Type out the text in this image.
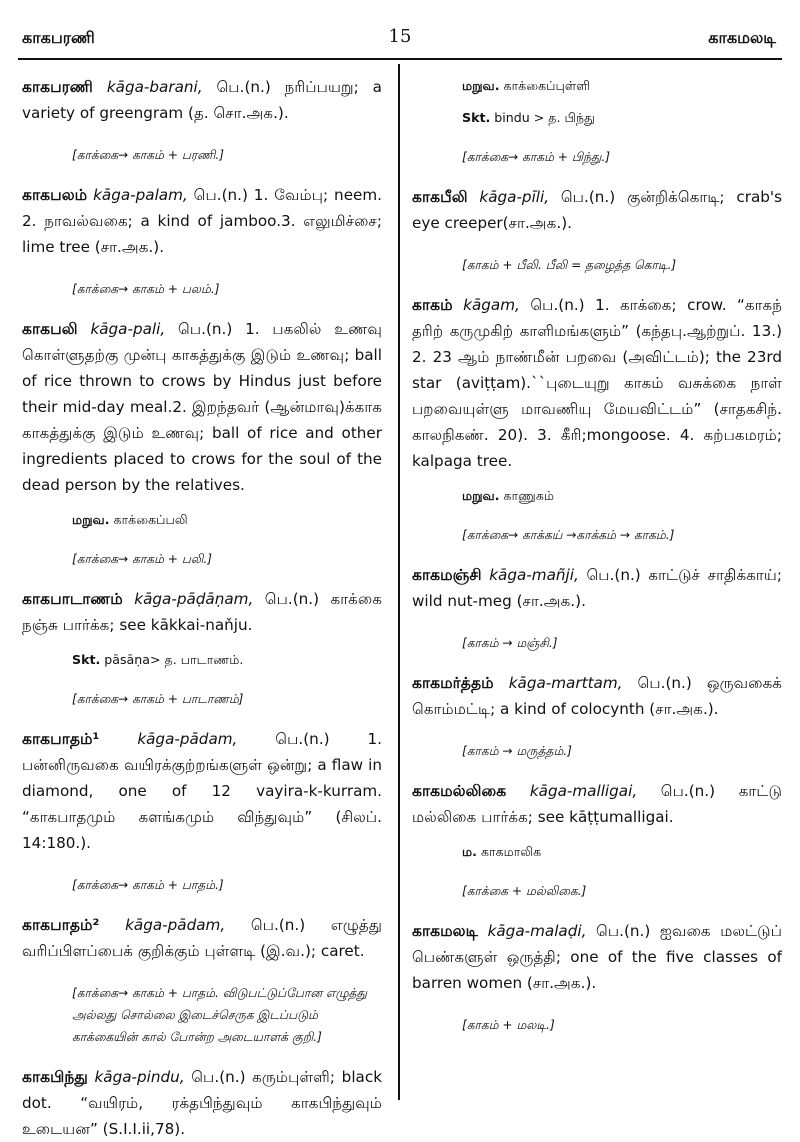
காகபரணி	15	காகமலடி
காகபரணி kāga-barani, பெ.(n.) நரிப்பயறு; a variety of greengram (த. சொ.அக.).
[காக்கை→ காகம் + பரணி.]
காகபலம் kāga-palam, பெ.(n.) 1. வேம்பு; neem. 2. நாவல்வகை; a kind of jamboo.3. எலுமிச்சை; lime tree (சா.அக.).
[காக்கை→ காகம் + பலம்.]
காகபலி kāga-pali, பெ.(n.) 1. பகலில் உணவு கொள்ளுதற்கு முன்பு காகத்துக்கு இடும் உணவு; ball of rice thrown to crows by Hindus just before their mid-day meal.2. இறந்தவர் (ஆன்மாவு)க்காக காகத்துக்கு இடும் உணவு; ball of rice and other ingredients placed to crows for the soul of the dead person by the relatives.
மறுவ. காக்கைப்பலி
[காக்கை→ காகம் + பலி.]
காகபாடாணம் kāga-pāḍāṇam, பெ.(n.) காக்கை நஞ்சு பார்க்க; see kākkai-naňju.
Skt. pāsāṇa> த. பாடாணம்.
[காக்கை→ காகம் + பாடாணம்]
காகபாதம்¹ kāga-pādam, பெ.(n.) 1. பன்னிருவகை வயிரக்குற்றங்களுள் ஒன்று; a flaw in diamond, one of 12 vayira-k-kurram. “காகபாதமும் களங்கமும் விந்துவும்” (சிலப். 14:180.).
[காக்கை→ காகம் + பாதம்.]
காகபாதம்² kāga-pādam, பெ.(n.) எழுத்து வரிப்பிளப்பைக் குறிக்கும் புள்ளடி (இ.வ.); caret.
[காக்கை→ காகம் + பாதம். விடுபட்டுப்போன எழுத்து அல்லது சொல்லை இடைச்செருக இடப்படும் காக்கையின் கால் போன்ற அடையாளக் குறி.]
காகபிந்து kāga-pindu, பெ.(n.) கரும்புள்ளி; black dot. “வயிரம், ரக்தபிந்துவும் காகபிந்துவும் உடையன” (S.I.I.ii,78).
மறுவ. காக்கைப்புள்ளி
Skt. bindu > த. பிந்து
[காக்கை→ காகம் + பிந்து.]
காகபீலி kāga-pīli, பெ.(n.) குன்றிக்கொடி; crab's eye creeper(சா.அக.).
[காகம் + பீலி. பீலி = தழைத்த கொடி.]
காகம் kāgam, பெ.(n.) 1. காக்கை; crow. “காகந் தரிற் கருமுகிற் காளிமங்களும்” (கந்தபு.ஆற்றுப். 13.) 2. 23 ஆம் நாண்மீன் பறவை (அவிட்டம்); the 23rd star (aviṭṭam).``புடையுறு காகம் வசுக்கை நாள் பறவையுள்ளு மாவணியு மேயவிட்டம்” (சாதகசிந். காலநிகண். 20). 3. கீரி;mongoose. 4. கற்பகமரம்; kalpaga tree.
மறுவ. காணுகம்
[காக்கை→ காக்கய் →காக்கம் → காகம்.]
காகமஞ்சி kāga-mañji, பெ.(n.) காட்டுச் சாதிக்காய்; wild nut-meg (சா.அக.).
[காகம் → மஞ்சி.]
காகமர்த்தம் kāga-marttam, பெ.(n.) ஒருவகைக் கொம்மட்டி; a kind of colocynth (சா.அக.).
[காகம் → மருத்தம்.]
காகமல்லிகை kāga-malligai, பெ.(n.) காட்டு மல்லிகை பார்க்க; see kāṭṭumalligai.
ம. காகமாலிக
[காக்கை + மல்லிகை.]
காகமலடி kāga-malaḍi, பெ.(n.) ஐவகை மலட்டுப் பெண்களுள் ஒருத்தி; one of the five classes of barren women (சா.அக.).
[காகம் + மலடி.]
